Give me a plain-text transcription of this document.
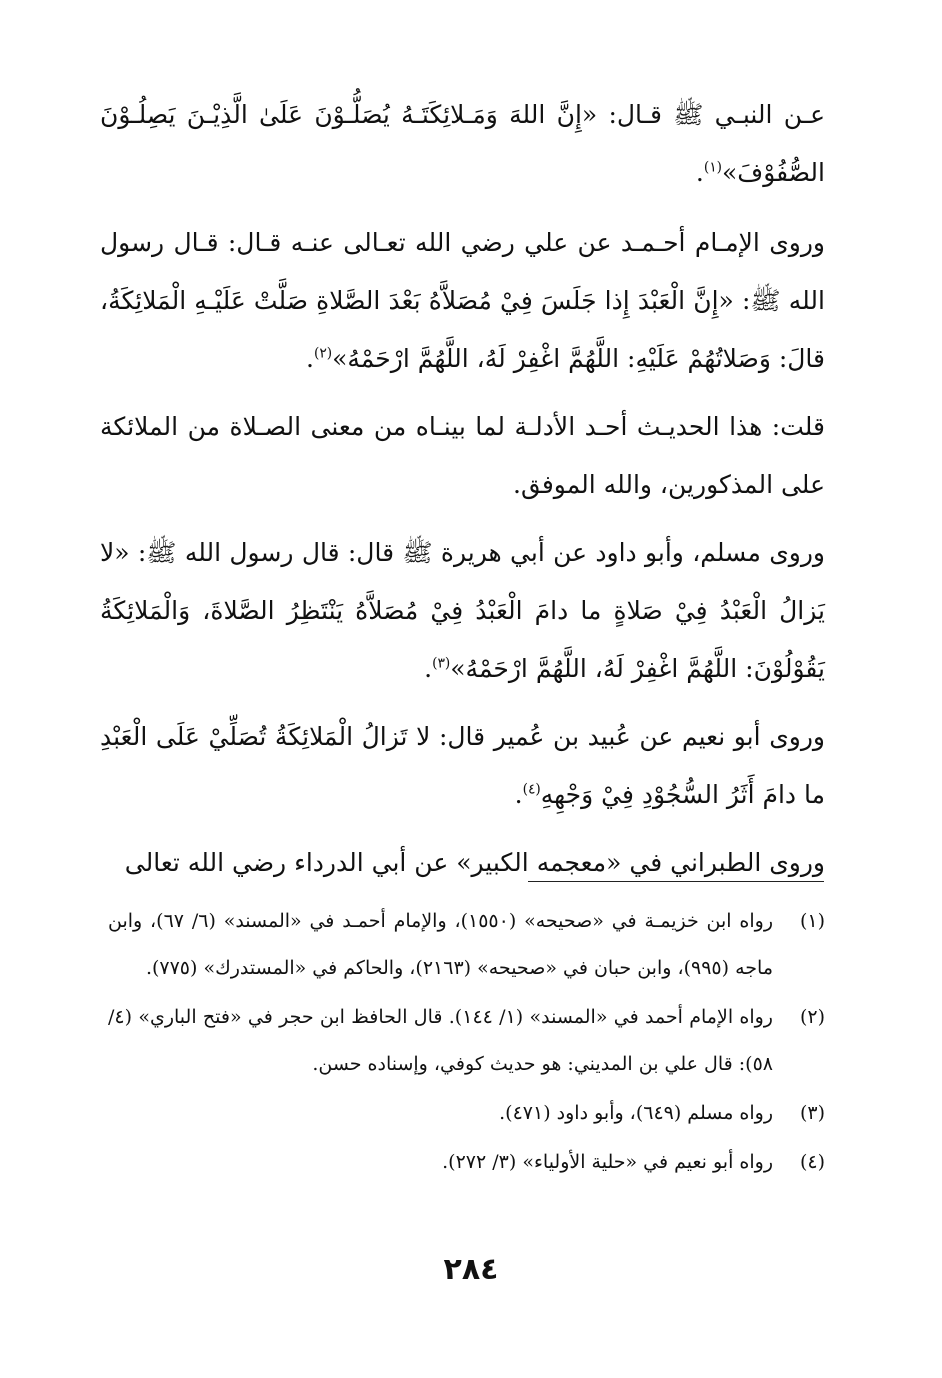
عـن النبـي ﷺ قـال: «إِنَّ اللهَ وَمَـلائِكَتَـهُ يُصَلُّـوْنَ عَلَىٰ الَّذِيْـنَ يَصِلُـوْنَ الصُّفُوْفَ»$^{(١)}$.

وروى الإمـام أحـمـد عن علي رضي الله تعـالى عنـه قـال: قـال رسول الله ﷺ: «إِنَّ الْعَبْدَ إِذا جَلَسَ فِيْ مُصَلاَّهُ بَعْدَ الصَّلاةِ صَلَّتْ عَلَيْـهِ الْمَلائِكَةُ، قالَ: وَصَلاتُهُمْ عَلَيْهِ: اللَّهُمَّ اغْفِرْ لَهُ، اللَّهُمَّ ارْحَمْهُ»$^{(٢)}$.

قلت: هذا الحديـث أحـد الأدلـة لما بينـاه من معنى الصـلاة من الملائكة على المذكورين، والله الموفق.

وروى مسلم، وأبو داود عن أبي هريرة ﷺ قال: قال رسول الله ﷺ: «لا يَزالُ الْعَبْدُ فِيْ صَلاةٍ ما دامَ الْعَبْدُ فِيْ مُصَلاَّهُ يَنْتَظِرُ الصَّلاةَ، وَالْمَلائِكَةُ يَقُوْلُوْنَ: اللَّهُمَّ اغْفِرْ لَهُ، اللَّهُمَّ ارْحَمْهُ»$^{(٣)}$.

وروى أبو نعيم عن عُبيد بن عُمير قال: لا تَزالُ الْمَلائِكَةُ تُصَلِّيْ عَلَى الْعَبْدِ ما دامَ أَثَرُ السُّجُوْدِ فِيْ وَجْهِهِ$^{(٤)}$.

وروى الطبراني في «معجمه الكبير» عن أبي الدرداء رضي الله تعالى

(١)
رواه ابن خزيمـة في «صحيحه» (١٥٥٠)، والإمام أحمـد في «المسند» (٦/ ٦٧)، وابن ماجه (٩٩٥)، وابن حبان في «صحيحه» (٢١٦٣)، والحاكم في «المستدرك» (٧٧٥).
(٢)
رواه الإمام أحمد في «المسند» (١/ ١٤٤). قال الحافظ ابن حجر في «فتح الباري» (٤/ ٥٨): قال علي بن المديني: هو حديث كوفي، وإسناده حسن.
(٣)
رواه مسلم (٦٤٩)، وأبو داود (٤٧١).
(٤)
رواه أبو نعيم في «حلية الأولياء» (٣/ ٢٧٢).
٢٨٤
